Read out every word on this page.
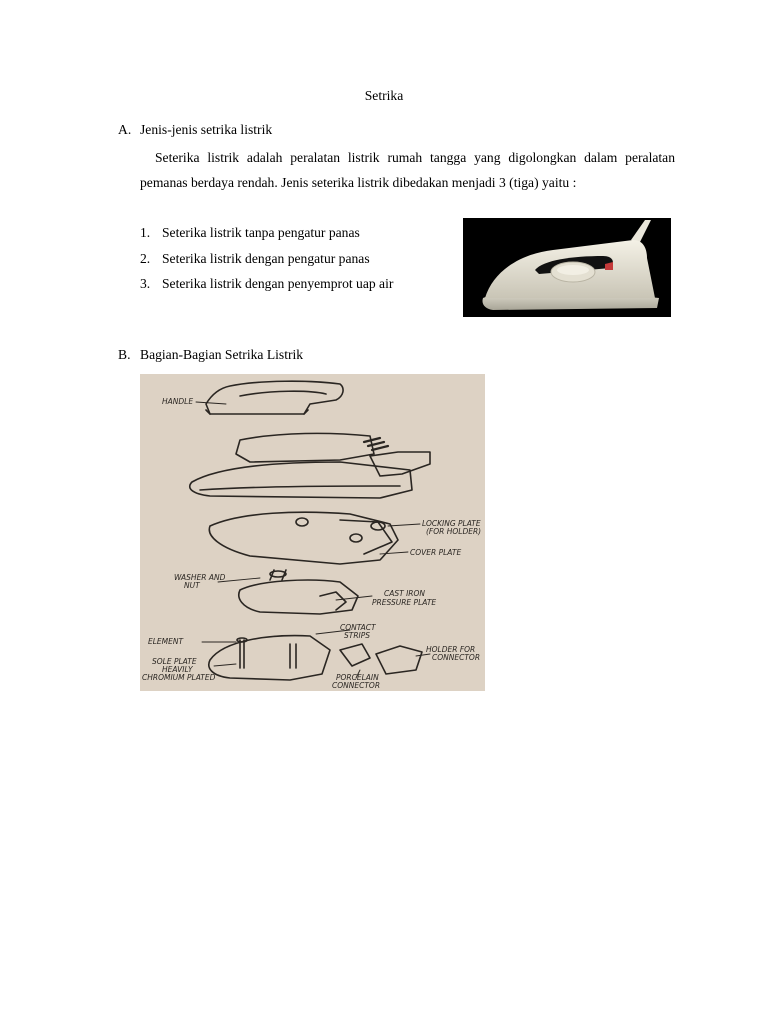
Setrika
A. Jenis-jenis setrika listrik
Seterika listrik adalah peralatan listrik rumah tangga yang digolongkan dalam peralatan pemanas berdaya rendah. Jenis seterika listrik dibedakan menjadi 3 (tiga) yaitu :
1. Seterika listrik tanpa pengatur panas
2. Seterika listrik dengan pengatur panas
3. Seterika listrik dengan penyemprot uap air
B. Bagian-Bagian Setrika Listrik
HANDLE
LOCKING PLATE
(FOR HOLDER)
COVER PLATE
WASHER AND
NUT
CAST IRON
PRESSURE PLATE
ELEMENT
CONTACT
STRIPS
HOLDER FOR
CONNECTOR
SOLE PLATE
HEAVILY
CHROMIUM PLATED	PORCELAIN
CONNECTOR
